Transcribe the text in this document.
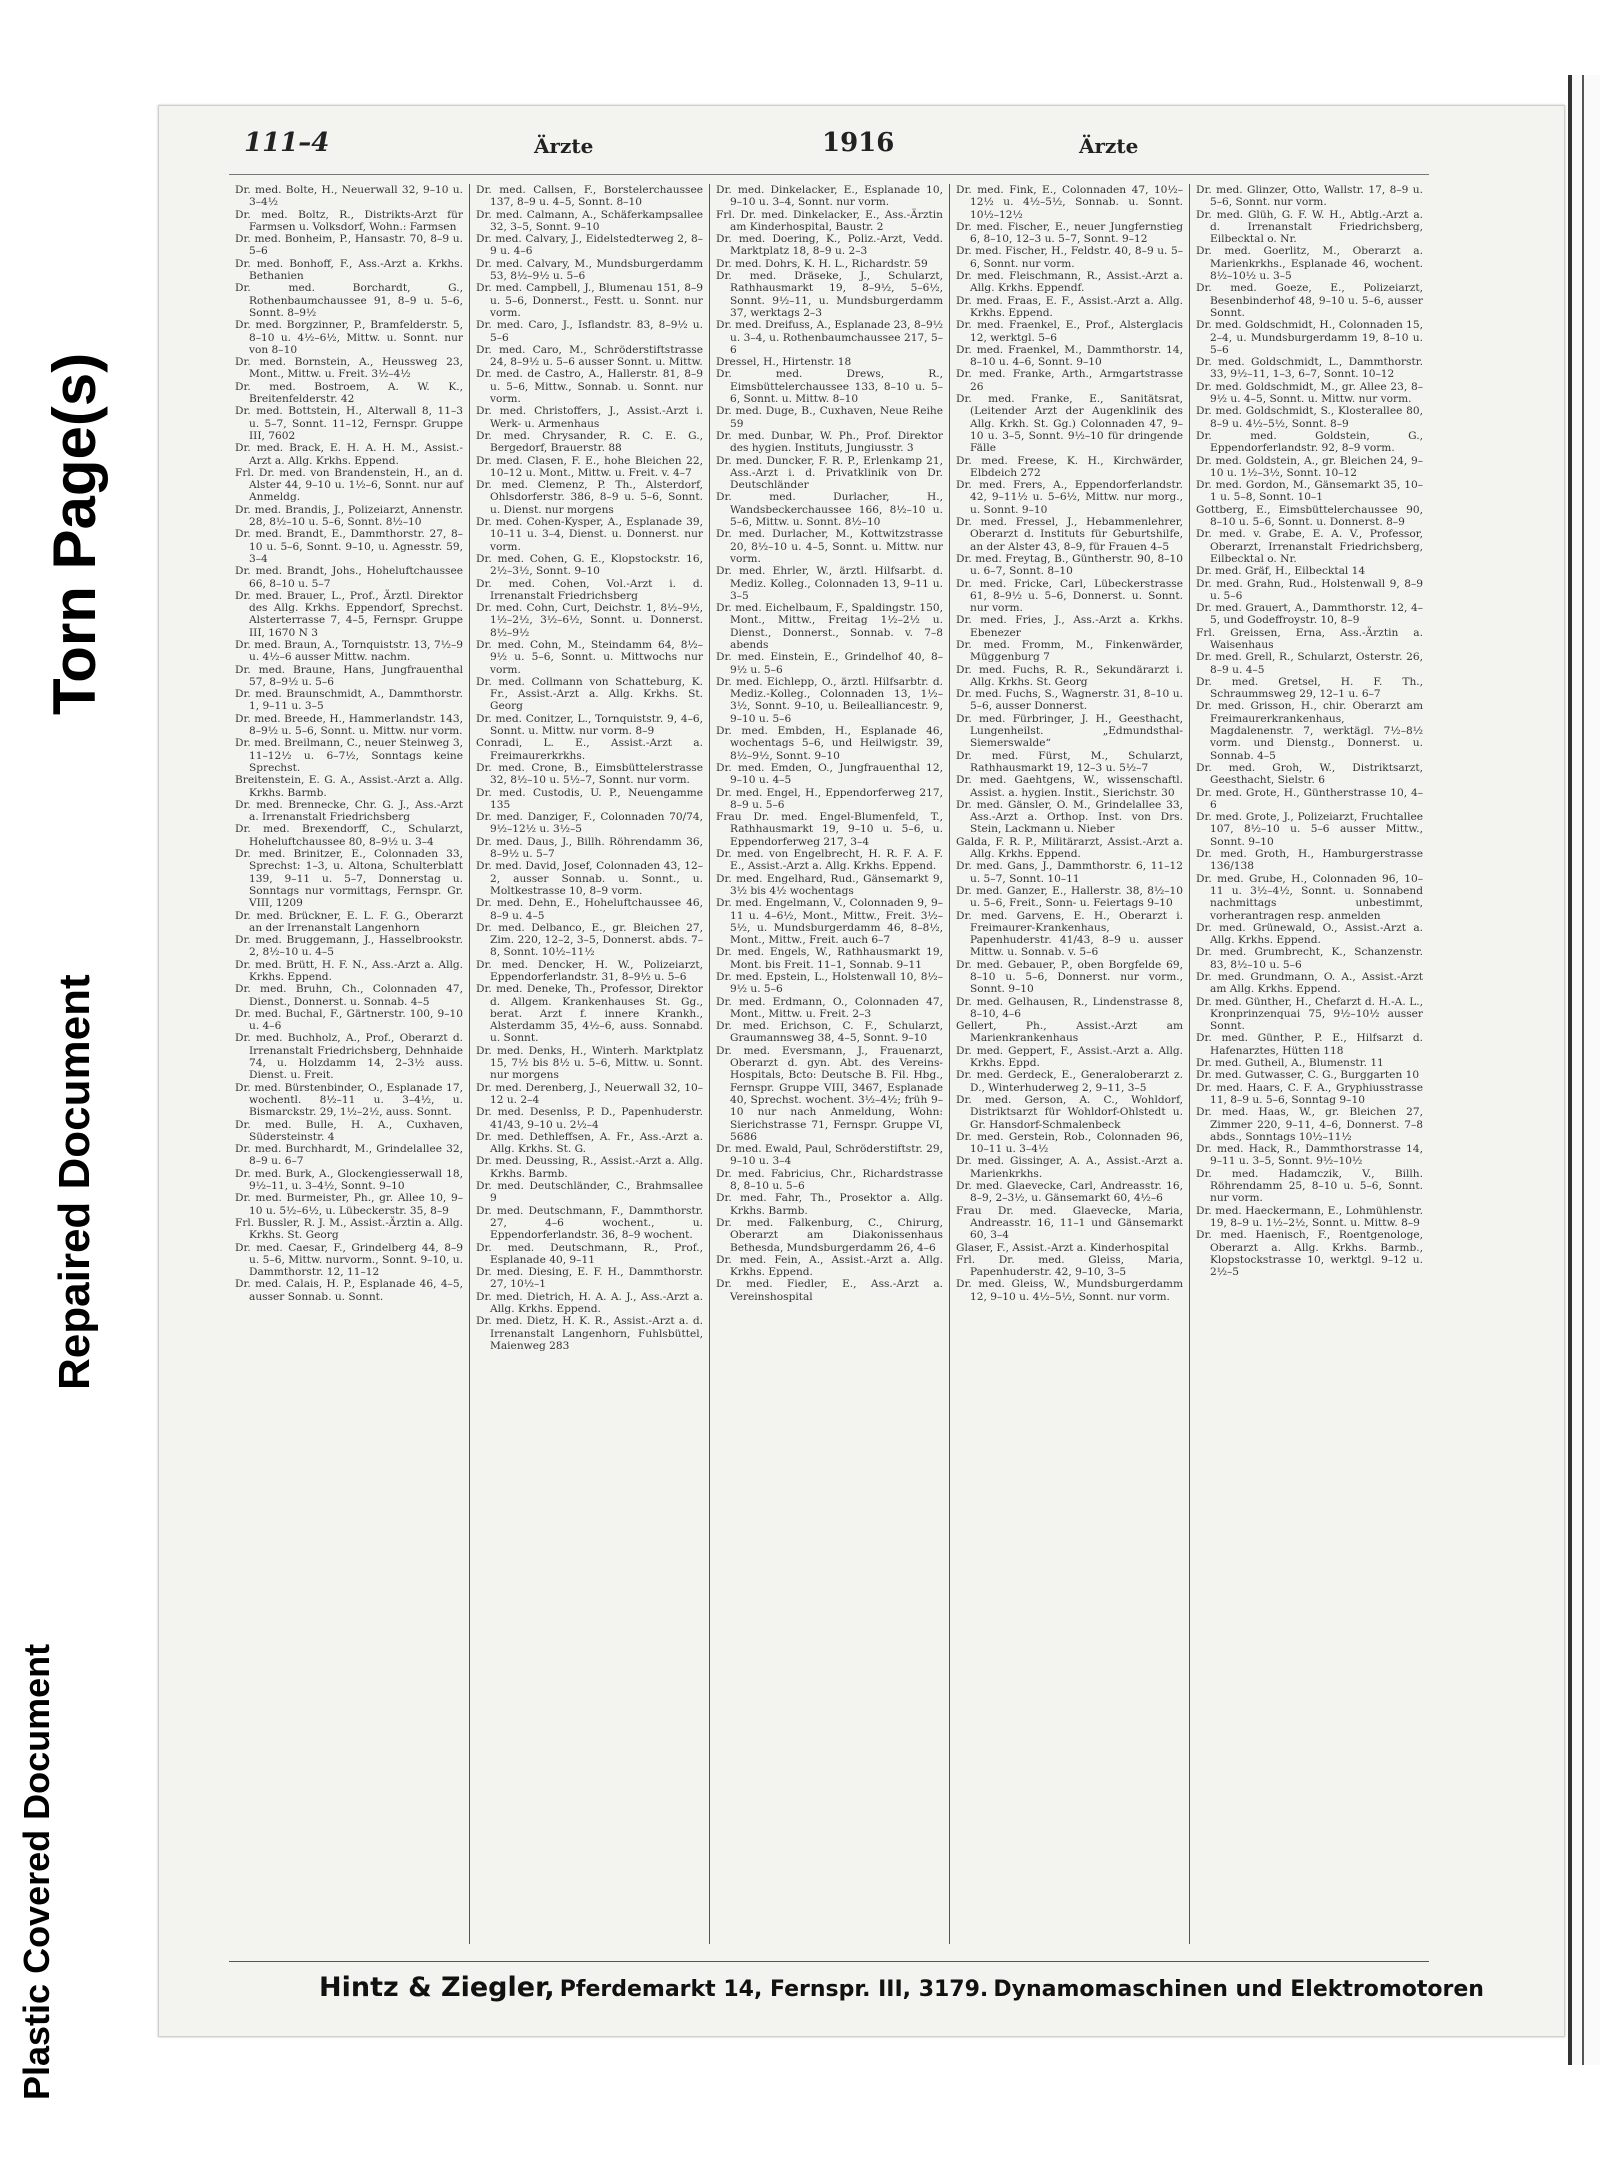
Torn Page(s)
Repaired Document
Plastic Covered Document
111–4	Ärzte	1916	Ärzte

Dr. med. Bolte, H., Neuerwall 32, 9–10 u. 3–4½

Dr. med. Boltz, R., Distrikts-Arzt für Farmsen u. Volksdorf, Wohn.: Farmsen

Dr. med. Bonheim, P., Hansastr. 70, 8–9 u. 5–6

Dr. med. Bonhoff, F., Ass.-Arzt a. Krkhs. Bethanien

Dr. med. Borchardt, G., Rothenbaumchaussee 91, 8–9 u. 5–6, Sonnt. 8–9½

Dr. med. Borgzinner, P., Bramfelderstr. 5, 8–10 u. 4½–6½, Mittw. u. Sonnt. nur von 8–10

Dr. med. Bornstein, A., Heussweg 23, Mont., Mittw. u. Freit. 3½–4½

Dr. med. Bostroem, A. W. K., Breitenfelderstr. 42

Dr. med. Bottstein, H., Alterwall 8, 11–3 u. 5–7, Sonnt. 11–12, Fernspr. Gruppe III, 7602

Dr. med. Brack, E. H. A. H. M., Assist.-Arzt a. Allg. Krkhs. Eppend.

Frl. Dr. med. von Brandenstein, H., an d. Alster 44, 9–10 u. 1½–6, Sonnt. nur auf Anmeldg.

Dr. med. Brandis, J., Polizeiarzt, Annenstr. 28, 8½–10 u. 5–6, Sonnt. 8½–10

Dr. med. Brandt, E., Dammthorstr. 27, 8–10 u. 5–6, Sonnt. 9–10, u. Agnesstr. 59, 3–4

Dr. med. Brandt, Johs., Hoheluftchaussee 66, 8–10 u. 5–7

Dr. med. Brauer, L., Prof., Ärztl. Direktor des Allg. Krkhs. Eppendorf, Sprechst. Alsterterrasse 7, 4–5, Fernspr. Gruppe III, 1670 N 3

Dr. med. Braun, A., Tornquiststr. 13, 7½–9 u. 4½–6 ausser Mittw. nachm.

Dr. med. Braune, Hans, Jungfrauenthal 57, 8–9½ u. 5–6

Dr. med. Braunschmidt, A., Dammthorstr. 1, 9–11 u. 3–5

Dr. med. Breede, H., Hammerlandstr. 143, 8–9½ u. 5–6, Sonnt. u. Mittw. nur vorm.

Dr. med. Breilmann, C., neuer Steinweg 3, 11–12½ u. 6–7½, Sonntags keine Sprechst.

Breitenstein, E. G. A., Assist.-Arzt a. Allg. Krkhs. Barmb.

Dr. med. Brennecke, Chr. G. J., Ass.-Arzt a. Irrenanstalt Friedrichsberg

Dr. med. Brexendorff, C., Schularzt, Hoheluftchaussee 80, 8–9½ u. 3–4

Dr. med. Brinitzer, E., Colonnaden 33, Sprechst: 1–3, u. Altona, Schulterblatt 139, 9–11 u. 5–7, Donnerstag u. Sonntags nur vormittags, Fernspr. Gr. VIII, 1209

Dr. med. Brückner, E. L. F. G., Oberarzt an der Irrenanstalt Langenhorn

Dr. med. Bruggemann, J., Hasselbrookstr. 2, 8½–10 u. 4–5

Dr. med. Brütt, H. F. N., Ass.-Arzt a. Allg. Krkhs. Eppend.

Dr. med. Bruhn, Ch., Colonnaden 47, Dienst., Donnerst. u. Sonnab. 4–5

Dr. med. Buchal, F., Gärtnerstr. 100, 9–10 u. 4–6

Dr. med. Buchholz, A., Prof., Oberarzt d. Irrenanstalt Friedrichsberg, Dehnhaide 74, u. Holzdamm 14, 2–3½ auss. Dienst. u. Freit.

Dr. med. Bürstenbinder, O., Esplanade 17, wochentl. 8½–11 u. 3–4½, u. Bismarckstr. 29, 1½–2½, auss. Sonnt.

Dr. med. Bulle, H. A., Cuxhaven, Südersteinstr. 4

Dr. med. Burchhardt, M., Grindelallee 32, 8–9 u. 6–7

Dr. med. Burk, A., Glockengiesserwall 18, 9½–11, u. 3–4½, Sonnt. 9–10

Dr. med. Burmeister, Ph., gr. Allee 10, 9–10 u. 5½–6½, u. Lübeckerstr. 35, 8–9

Frl. Bussler, R. J. M., Assist.-Ärztin a. Allg. Krkhs. St. Georg

Dr. med. Caesar, F., Grindelberg 44, 8–9 u. 5–6, Mittw. nurvorm., Sonnt. 9–10, u. Dammthorstr. 12, 11–12

Dr. med. Calais, H. P., Esplanade 46, 4–5, ausser Sonnab. u. Sonnt.

Dr. med. Callsen, F., Borstelerchaussee 137, 8–9 u. 4–5, Sonnt. 8–10

Dr. med. Calmann, A., Schäferkampsallee 32, 3–5, Sonnt. 9–10

Dr. med. Calvary, J., Eidelstedterweg 2, 8–9 u. 4–6

Dr. med. Calvary, M., Mundsburgerdamm 53, 8½–9½ u. 5–6

Dr. med. Campbell, J., Blumenau 151, 8–9 u. 5–6, Donnerst., Festt. u. Sonnt. nur vorm.

Dr. med. Caro, J., Isflandstr. 83, 8–9½ u. 5–6

Dr. med. Caro, M., Schröderstiftstrasse 24, 8–9½ u. 5–6 ausser Sonnt. u. Mittw.

Dr. med. de Castro, A., Hallerstr. 81, 8–9 u. 5–6, Mittw., Sonnab. u. Sonnt. nur vorm.

Dr. med. Christoffers, J., Assist.-Arzt i. Werk- u. Armenhaus

Dr. med. Chrysander, R. C. E. G., Bergedorf, Brauerstr. 88

Dr. med. Clasen, F. E., hohe Bleichen 22, 10–12 u. Mont., Mittw. u. Freit. v. 4–7

Dr. med. Clemenz, P. Th., Alsterdorf, Ohlsdorferstr. 386, 8–9 u. 5–6, Sonnt. u. Dienst. nur morgens

Dr. med. Cohen-Kysper, A., Esplanade 39, 10–11 u. 3–4, Dienst. u. Donnerst. nur vorm.

Dr. med. Cohen, G. E., Klopstockstr. 16, 2½–3½, Sonnt. 9–10

Dr. med. Cohen, Vol.-Arzt i. d. Irrenanstalt Friedrichsberg

Dr. med. Cohn, Curt, Deichstr. 1, 8½–9½, 1½–2½, 3½–6½, Sonnt. u. Donnerst. 8½–9½

Dr. med. Cohn, M., Steindamm 64, 8½–9½ u. 5–6, Sonnt. u. Mittwochs nur vorm.

Dr. med. Collmann von Schatteburg, K. Fr., Assist.-Arzt a. Allg. Krkhs. St. Georg

Dr. med. Conitzer, L., Tornquiststr. 9, 4–6, Sonnt. u. Mittw. nur vorm. 8–9

Conradi, L. E., Assist.-Arzt a. Freimaurerkrkhs.

Dr. med. Crone, B., Eimsbüttelerstrasse 32, 8½–10 u. 5½–7, Sonnt. nur vorm.

Dr. med. Custodis, U. P., Neuengamme 135

Dr. med. Danziger, F., Colonnaden 70/74, 9½–12½ u. 3½–5

Dr. med. Daus, J., Billh. Röhrendamm 36, 8–9½ u. 5–7

Dr. med. David, Josef, Colonnaden 43, 12–2, ausser Sonnab. u. Sonnt., u. Moltkestrasse 10, 8–9 vorm.

Dr. med. Dehn, E., Hoheluftchaussee 46, 8–9 u. 4–5

Dr. med. Delbanco, E., gr. Bleichen 27, Zim. 220, 12–2, 3–5, Donnerst. abds. 7–8, Sonnt. 10½–11½

Dr. med. Dencker, H. W., Polizeiarzt, Eppendorferlandstr. 31, 8–9½ u. 5–6

Dr. med. Deneke, Th., Professor, Direktor d. Allgem. Krankenhauses St. Gg., berat. Arzt f. innere Krankh., Alsterdamm 35, 4½–6, auss. Sonnabd. u. Sonnt.

Dr. med. Denks, H., Winterh. Marktplatz 15, 7½ bis 8½ u. 5–6, Mittw. u. Sonnt. nur morgens

Dr. med. Derenberg, J., Neuerwall 32, 10–12 u. 2–4

Dr. med. Desenlss, P. D., Papenhuderstr. 41/43, 9–10 u. 2½–4

Dr. med. Dethleffsen, A. Fr., Ass.-Arzt a. Allg. Krkhs. St. G.

Dr. med. Deussing, R., Assist.-Arzt a. Allg. Krkhs. Barmb.

Dr. med. Deutschländer, C., Brahmsallee 9

Dr. med. Deutschmann, F., Dammthorstr. 27, 4–6 wochent., u. Eppendorferlandstr. 36, 8–9 wochent.

Dr. med. Deutschmann, R., Prof., Esplanade 40, 9–11

Dr. med. Diesing, E. F. H., Dammthorstr. 27, 10½–1

Dr. med. Dietrich, H. A. A. J., Ass.-Arzt a. Allg. Krkhs. Eppend.

Dr. med. Dietz, H. K. R., Assist.-Arzt a. d. Irrenanstalt Langenhorn, Fuhlsbüttel, Maienweg 283

Dr. med. Dinkelacker, E., Esplanade 10, 9–10 u. 3–4, Sonnt. nur vorm.

Frl. Dr. med. Dinkelacker, E., Ass.-Ärztin am Kinderhospital, Baustr. 2

Dr. med. Doering, K., Poliz.-Arzt, Vedd. Marktplatz 18, 8–9 u. 2–3

Dr. med. Dohrs, K. H. L., Richardstr. 59

Dr. med. Dräseke, J., Schularzt, Rathhausmarkt 19, 8–9½, 5–6½, Sonnt. 9½–11, u. Mundsburgerdamm 37, werktags 2–3

Dr. med. Dreifuss, A., Esplanade 23, 8–9½ u. 3–4, u. Rothenbaumchaussee 217, 5–6

Dressel, H., Hirtenstr. 18

Dr. med. Drews, R., Eimsbüttelerchaussee 133, 8–10 u. 5–6, Sonnt. u. Mittw. 8–10

Dr. med. Duge, B., Cuxhaven, Neue Reihe 59

Dr. med. Dunbar, W. Ph., Prof. Direktor des hygien. Instituts, Jungiusstr. 3

Dr. med. Duncker, F. R. P., Erlenkamp 21, Ass.-Arzt i. d. Privatklinik von Dr. Deutschländer

Dr. med. Durlacher, H., Wandsbeckerchaussee 166, 8½–10 u. 5–6, Mittw. u. Sonnt. 8½–10

Dr. med. Durlacher, M., Kottwitzstrasse 20, 8½–10 u. 4–5, Sonnt. u. Mittw. nur vorm.

Dr. med. Ehrler, W., ärztl. Hilfsarbt. d. Mediz. Kolleg., Colonnaden 13, 9–11 u. 3–5

Dr. med. Eichelbaum, F., Spaldingstr. 150, Mont., Mittw., Freitag 1½–2½ u. Dienst., Donnerst., Sonnab. v. 7–8 abends

Dr. med. Einstein, E., Grindelhof 40, 8–9½ u. 5–6

Dr. med. Eichlepp, O., ärztl. Hilfsarbtr. d. Mediz.-Kolleg., Colonnaden 13, 1½–3½, Sonnt. 9–10, u. Beilealliancestr. 9, 9–10 u. 5–6

Dr. med. Embden, H., Esplanade 46, wochentags 5–6, und Heilwigstr. 39, 8½–9½, Sonnt. 9–10

Dr. med. Emden, O., Jungfrauenthal 12, 9–10 u. 4–5

Dr. med. Engel, H., Eppendorferweg 217, 8–9 u. 5–6

Frau Dr. med. Engel-Blumenfeld, T., Rathhausmarkt 19, 9–10 u. 5–6, u. Eppendorferweg 217, 3–4

Dr. med. von Engelbrecht, H. R. F. A. F. E., Assist.-Arzt a. Allg. Krkhs. Eppend.

Dr. med. Engelhard, Rud., Gänsemarkt 9, 3½ bis 4½ wochentags

Dr. med. Engelmann, V., Colonnaden 9, 9–11 u. 4–6½, Mont., Mittw., Freit. 3½–5½, u. Mundsburgerdamm 46, 8–8½, Mont., Mittw., Freit. auch 6–7

Dr. med. Engels, W., Rathhausmarkt 19, Mont. bis Freit. 11–1, Sonnab. 9–11

Dr. med. Epstein, L., Holstenwall 10, 8½–9½ u. 5–6

Dr. med. Erdmann, O., Colonnaden 47, Mont., Mittw. u. Freit. 2–3

Dr. med. Erichson, C. F., Schularzt, Graumannsweg 38, 4–5, Sonnt. 9–10

Dr. med. Eversmann, J., Frauenarzt, Oberarzt d. gyn. Abt. des Vereins-Hospitals, Bcto: Deutsche B. Fil. Hbg., Fernspr. Gruppe VIII, 3467, Esplanade 40, Sprechst. wochent. 3½–4½; früh 9–10 nur nach Anmeldung, Wohn: Sierichstrasse 71, Fernspr. Gruppe VI, 5686

Dr. med. Ewald, Paul, Schröderstiftstr. 29, 9–10 u. 3–4

Dr. med. Fabricius, Chr., Richardstrasse 8, 8–10 u. 5–6

Dr. med. Fahr, Th., Prosektor a. Allg. Krkhs. Barmb.

Dr. med. Falkenburg, C., Chirurg, Oberarzt am Diakonissenhaus Bethesda, Mundsburgerdamm 26, 4–6

Dr. med. Fein, A., Assist.-Arzt a. Allg. Krkhs. Eppend.

Dr. med. Fiedler, E., Ass.-Arzt a. Vereinshospital

Dr. med. Fink, E., Colonnaden 47, 10½–12½ u. 4½–5½, Sonnab. u. Sonnt. 10½–12½

Dr. med. Fischer, E., neuer Jungfernstieg 6, 8–10, 12–3 u. 5–7, Sonnt. 9–12

Dr. med. Fischer, H., Feldstr. 40, 8–9 u. 5–6, Sonnt. nur vorm.

Dr. med. Fleischmann, R., Assist.-Arzt a. Allg. Krkhs. Eppendf.

Dr. med. Fraas, E. F., Assist.-Arzt a. Allg. Krkhs. Eppend.

Dr. med. Fraenkel, E., Prof., Alsterglacis 12, werktgl. 5–6

Dr. med. Fraenkel, M., Dammthorstr. 14, 8–10 u. 4–6, Sonnt. 9–10

Dr. med. Franke, Arth., Armgartstrasse 26

Dr. med. Franke, E., Sanitätsrat, (Leitender Arzt der Augenklinik des Allg. Krkh. St. Gg.) Colonnaden 47, 9–10 u. 3–5, Sonnt. 9½–10 für dringende Fälle

Dr. med. Freese, K. H., Kirchwärder, Elbdeich 272

Dr. med. Frers, A., Eppendorferlandstr. 42, 9–11½ u. 5–6½, Mittw. nur morg., u. Sonnt. 9–10

Dr. med. Fressel, J., Hebammenlehrer, Oberarzt d. Instituts für Geburtshilfe, an der Alster 43, 8–9, für Frauen 4–5

Dr. med. Freytag, B., Güntherstr. 90, 8–10 u. 6–7, Sonnt. 8–10

Dr. med. Fricke, Carl, Lübeckerstrasse 61, 8–9½ u. 5–6, Donnerst. u. Sonnt. nur vorm.

Dr. med. Fries, J., Ass.-Arzt a. Krkhs. Ebenezer

Dr. med. Fromm, M., Finkenwärder, Müggenburg 7

Dr. med. Fuchs, R. R., Sekundärarzt i. Allg. Krkhs. St. Georg

Dr. med. Fuchs, S., Wagnerstr. 31, 8–10 u. 5–6, ausser Donnerst.

Dr. med. Fürbringer, J. H., Geesthacht, Lungenheilst. „Edmundsthal-Siemerswalde“

Dr. med. Fürst, M., Schularzt, Rathhausmarkt 19, 12–3 u. 5½–7

Dr. med. Gaehtgens, W., wissenschaftl. Assist. a. hygien. Instit., Sierichstr. 30

Dr. med. Gänsler, O. M., Grindelallee 33, Ass.-Arzt a. Orthop. Inst. von Drs. Stein, Lackmann u. Nieber

Galda, F. R. P., Militärarzt, Assist.-Arzt a. Allg. Krkhs. Eppend.

Dr. med. Gans, J., Dammthorstr. 6, 11–12 u. 5–7, Sonnt. 10–11

Dr. med. Ganzer, E., Hallerstr. 38, 8½–10 u. 5–6, Freit., Sonn- u. Feiertags 9–10

Dr. med. Garvens, E. H., Oberarzt i. Freimaurer-Krankenhaus, Papenhuderstr. 41/43, 8–9 u. ausser Mittw. u. Sonnab. v. 5–6

Dr. med. Gebauer, P., oben Borgfelde 69, 8–10 u. 5–6, Donnerst. nur vorm., Sonnt. 9–10

Dr. med. Gelhausen, R., Lindenstrasse 8, 8–10, 4–6

Gellert, Ph., Assist.-Arzt am Marienkrankenhaus

Dr. med. Geppert, F., Assist.-Arzt a. Allg. Krkhs. Eppd.

Dr. med. Gerdeck, E., Generaloberarzt z. D., Winterhuderweg 2, 9–11, 3–5

Dr. med. Gerson, A. C., Wohldorf, Distriktsarzt für Wohldorf-Ohlstedt u. Gr. Hansdorf-Schmalenbeck

Dr. med. Gerstein, Rob., Colonnaden 96, 10–11 u. 3–4½

Dr. med. Gissinger, A. A., Assist.-Arzt a. Marienkrkhs.

Dr. med. Glaevecke, Carl, Andreasstr. 16, 8–9, 2–3½, u. Gänsemarkt 60, 4½–6

Frau Dr. med. Glaevecke, Maria, Andreasstr. 16, 11–1 und Gänsemarkt 60, 3–4

Glaser, F., Assist.-Arzt a. Kinderhospital

Frl. Dr. med. Gleiss, Maria, Papenhuderstr. 42, 9–10, 3–5

Dr. med. Gleiss, W., Mundsburgerdamm 12, 9–10 u. 4½–5½, Sonnt. nur vorm.

Dr. med. Glinzer, Otto, Wallstr. 17, 8–9 u. 5–6, Sonnt. nur vorm.

Dr. med. Glüh, G. F. W. H., Abtlg.-Arzt a. d. Irrenanstalt Friedrichsberg, Eilbecktal o. Nr.

Dr. med. Goerlitz, M., Oberarzt a. Marienkrkhs., Esplanade 46, wochent. 8½–10½ u. 3–5

Dr. med. Goeze, E., Polizeiarzt, Besenbinderhof 48, 9–10 u. 5–6, ausser Sonnt.

Dr. med. Goldschmidt, H., Colonnaden 15, 2–4, u. Mundsburgerdamm 19, 8–10 u. 5–6

Dr. med. Goldschmidt, L., Dammthorstr. 33, 9½–11, 1–3, 6–7, Sonnt. 10–12

Dr. med. Goldschmidt, M., gr. Allee 23, 8–9½ u. 4–5, Sonnt. u. Mittw. nur vorm.

Dr. med. Goldschmidt, S., Klosterallee 80, 8–9 u. 4½–5½, Sonnt. 8–9

Dr. med. Goldstein, G., Eppendorferlandstr. 92, 8–9 vorm.

Dr. med. Goldstein, A., gr. Bleichen 24, 9–10 u. 1½–3½, Sonnt. 10–12

Dr. med. Gordon, M., Gänsemarkt 35, 10–1 u. 5–8, Sonnt. 10–1

Gottberg, E., Eimsbüttelerchaussee 90, 8–10 u. 5–6, Sonnt. u. Donnerst. 8–9

Dr. med. v. Grabe, E. A. V., Professor, Oberarzt, Irrenanstalt Friedrichsberg, Eilbecktal o. Nr.

Dr. med. Gräf, H., Eilbecktal 14

Dr. med. Grahn, Rud., Holstenwall 9, 8–9 u. 5–6

Dr. med. Grauert, A., Dammthorstr. 12, 4–5, und Godeffroystr. 10, 8–9

Frl. Greissen, Erna, Ass.-Ärztin a. Waisenhaus

Dr. med. Grell, R., Schularzt, Osterstr. 26, 8–9 u. 4–5

Dr. med. Gretsel, H. F. Th., Schraummsweg 29, 12–1 u. 6–7

Dr. med. Grisson, H., chir. Oberarzt am Freimaurerkrankenhaus, Magdalenenstr. 7, werktägl. 7½–8½ vorm. und Dienstg., Donnerst. u. Sonnab. 4–5

Dr. med. Groh, W., Distriktsarzt, Geesthacht, Sielstr. 6

Dr. med. Grote, H., Güntherstrasse 10, 4–6

Dr. med. Grote, J., Polizeiarzt, Fruchtallee 107, 8½–10 u. 5–6 ausser Mittw., Sonnt. 9–10

Dr. med. Groth, H., Hamburgerstrasse 136/138

Dr. med. Grube, H., Colonnaden 96, 10–11 u. 3½–4½, Sonnt. u. Sonnabend nachmittags unbestimmt, vorherantragen resp. anmelden

Dr. med. Grünewald, O., Assist.-Arzt a. Allg. Krkhs. Eppend.

Dr. med. Grumbrecht, K., Schanzenstr. 83, 8½–10 u. 5–6

Dr. med. Grundmann, O. A., Assist.-Arzt am Allg. Krkhs. Eppend.

Dr. med. Günther, H., Chefarzt d. H.-A. L., Kronprinzenquai 75, 9½–10½ ausser Sonnt.

Dr. med. Günther, P. E., Hilfsarzt d. Hafenarztes, Hütten 118

Dr. med. Gutheil, A., Blumenstr. 11

Dr. med. Gutwasser, C. G., Burggarten 10

Dr. med. Haars, C. F. A., Gryphiusstrasse 11, 8–9 u. 5–6, Sonntag 9–10

Dr. med. Haas, W., gr. Bleichen 27, Zimmer 220, 9–11, 4–6, Donnerst. 7–8 abds., Sonntags 10½–11½

Dr. med. Hack, R., Dammthorstrasse 14, 9–11 u. 3–5, Sonnt. 9½–10½

Dr. med. Hadamczik, V., Billh. Röhrendamm 25, 8–10 u. 5–6, Sonnt. nur vorm.

Dr. med. Haeckermann, E., Lohmühlenstr. 19, 8–9 u. 1½–2½, Sonnt. u. Mittw. 8–9

Dr. med. Haenisch, F., Roentgenologe, Oberarzt a. Allg. Krkhs. Barmb., Klopstockstrasse 10, werktgl. 9–12 u. 2½–5

Hintz & Ziegler, Pferdemarkt 14, Fernspr. III, 3179. Dynamomaschinen und Elektromotoren
